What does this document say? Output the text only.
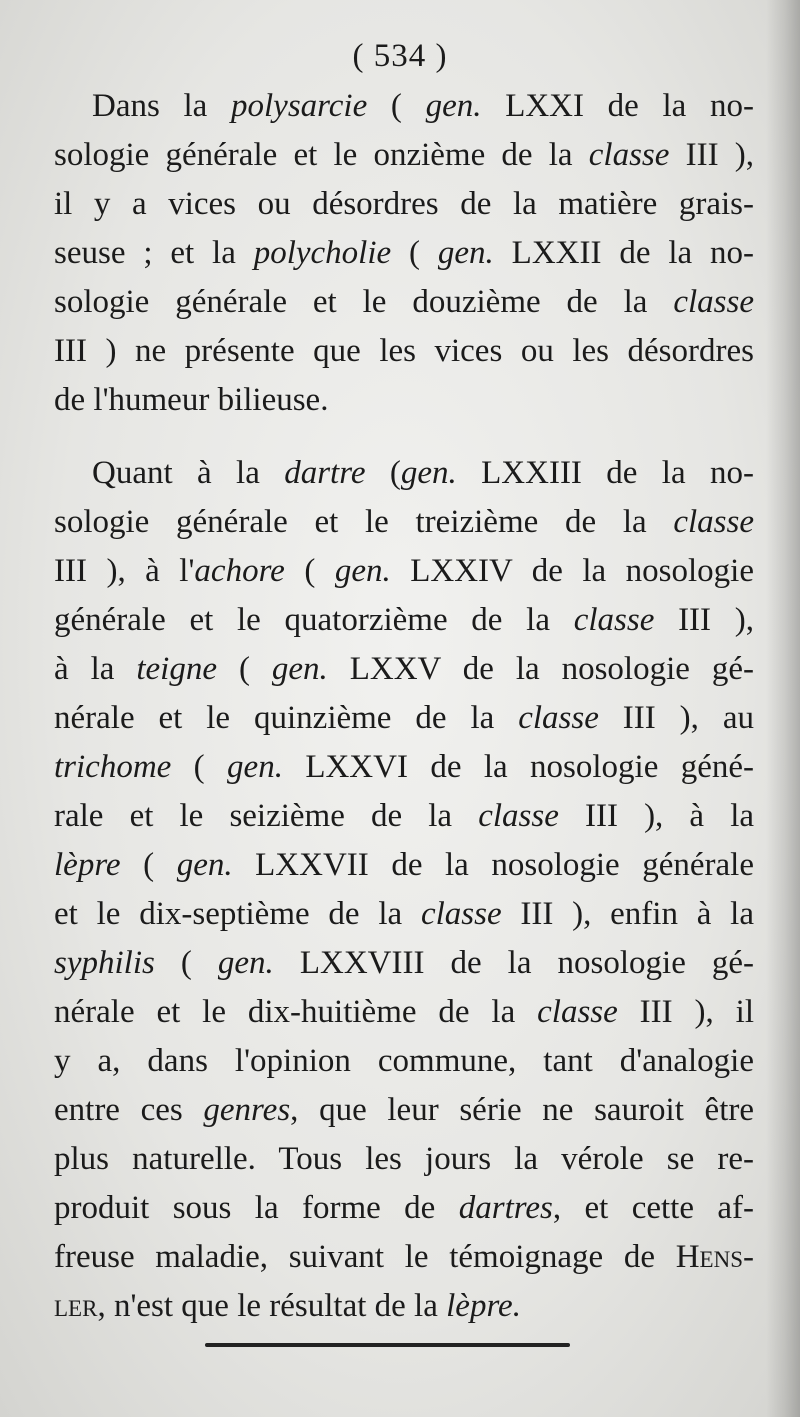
( 534 )
Dans la polysarcie ( gen. LXXI de la no-
sologie générale et le onzième de la classe III ),
il y a vices ou désordres de la matière grais-
seuse ; et la polycholie ( gen. LXXII de la no-
sologie générale et le douzième de la classe
III ) ne présente que les vices ou les désordres
de l'humeur bilieuse.
Quant à la dartre (gen. LXXIII de la no-
sologie générale et le treizième de la classe
III ), à l'achore ( gen. LXXIV de la nosologie
générale et le quatorzième de la classe III ),
à la teigne ( gen. LXXV de la nosologie gé-
nérale et le quinzième de la classe III ), au
trichome ( gen. LXXVI de la nosologie géné-
rale et le seizième de la classe III ), à la
lèpre ( gen. LXXVII de la nosologie générale
et le dix-septième de la classe III ), enfin à la
syphilis ( gen. LXXVIII de la nosologie gé-
nérale et le dix-huitième de la classe III ), il
y a, dans l'opinion commune, tant d'analogie
entre ces genres, que leur série ne sauroit être
plus naturelle. Tous les jours la vérole se re-
produit sous la forme de dartres, et cette af-
freuse maladie, suivant le témoignage de Hens-
ler, n'est que le résultat de la lèpre.
